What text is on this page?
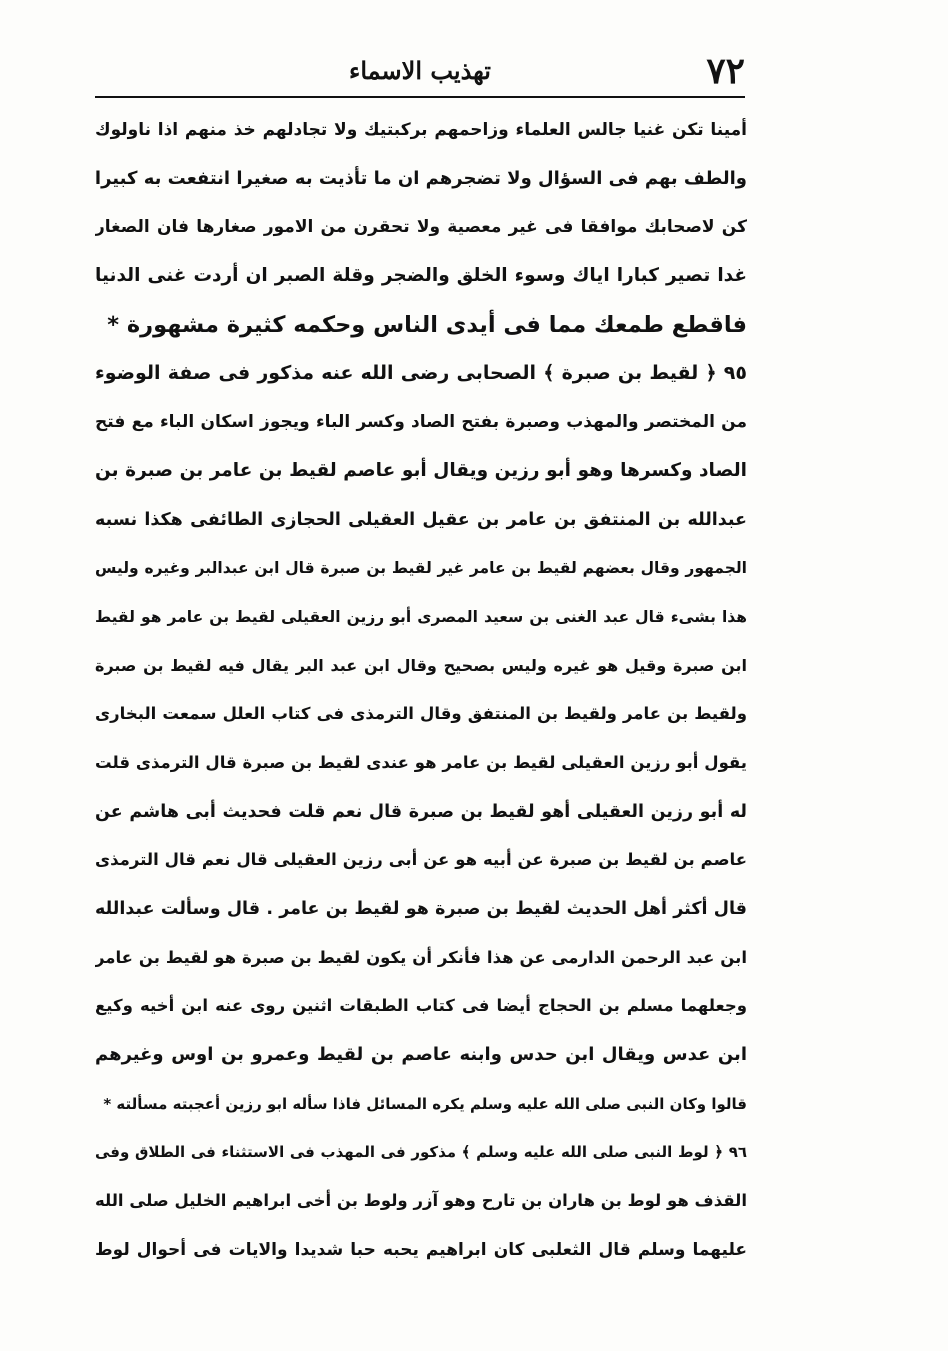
تهذيب الاسماء	٧٢
أمينا تكن غنيا جالس العلماء وزاحمهم بركبتيك ولا تجادلهم خذ منهم اذا ناولوك
والطف بهم فى السؤال ولا تضجرهم ان ما تأذيت به صغيرا انتفعت به كبيرا
كن لاصحابك موافقا فى غير معصية ولا تحقرن من الامور صغارها فان الصغار
غدا تصير كبارا اياك وسوء الخلق والضجر وقلة الصبر ان أردت غنى الدنيا
فاقطع طمعك مما فى أيدى الناس وحكمه كثيرة مشهورة *
٩٥ ﴿ لقيط بن صبرة ﴾ الصحابى رضى الله عنه مذكور فى صفة الوضوء
من المختصر والمهذب وصبرة بفتح الصاد وكسر الباء ويجوز اسكان الباء مع فتح
الصاد وكسرها وهو أبو رزين ويقال أبو عاصم لقيط بن عامر بن صبرة بن
عبدالله بن المنتفق بن عامر بن عقيل العقيلى الحجازى الطائفى هكذا نسبه
الجمهور وقال بعضهم لقيط بن عامر غير لقيط بن صبرة قال ابن عبدالبر وغيره وليس
هذا بشىء قال عبد الغنى بن سعيد المصرى أبو رزين العقيلى لقيط بن عامر هو لقيط
ابن صبرة وقيل هو غيره وليس بصحيح وقال ابن عبد البر يقال فيه لقيط بن صبرة
ولقيط بن عامر ولقيط بن المنتفق وقال الترمذى فى كتاب العلل سمعت البخارى
يقول أبو رزين العقيلى لقيط بن عامر هو عندى لقيط بن صبرة قال الترمذى قلت
له أبو رزين العقيلى أهو لقيط بن صبرة قال نعم قلت فحديث أبى هاشم عن
عاصم بن لقيط بن صبرة عن أبيه هو عن أبى رزين العقيلى قال نعم قال الترمذى
قال أكثر أهل الحديث لقيط بن صبرة هو لقيط بن عامر . قال وسألت عبدالله
ابن عبد الرحمن الدارمى عن هذا فأنكر أن يكون لقيط بن صبرة هو لقيط بن عامر
وجعلهما مسلم بن الحجاج أيضا فى كتاب الطبقات اثنين روى عنه ابن أخيه وكيع
ابن عدس ويقال ابن حدس وابنه عاصم بن لقيط وعمرو بن اوس وغيرهم
قالوا وكان النبى صلى الله عليه وسلم يكره المسائل فاذا سأله ابو رزين أعجبته مسألته *
٩٦ ﴿ لوط النبى صلى الله عليه وسلم ﴾ مذكور فى المهذب فى الاستثناء فى الطلاق وفى
القذف هو لوط بن هاران بن تارح وهو آزر ولوط بن أخى ابراهيم الخليل صلى الله
عليهما وسلم قال الثعلبى كان ابراهيم يحبه حبا شديدا والايات فى أحوال لوط
